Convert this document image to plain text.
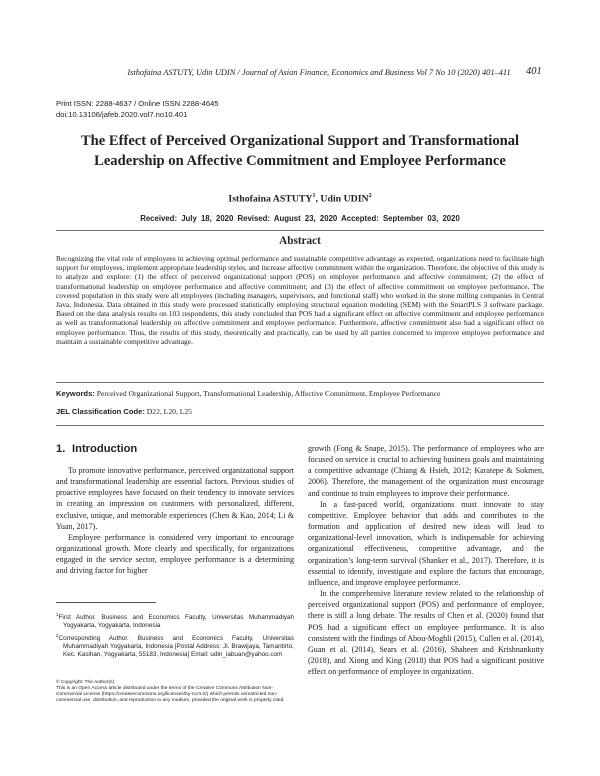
Isthofaina ASTUTY, Udin UDIN / Journal of Asian Finance, Economics and Business Vol 7 No 10 (2020) 401–411	401
Print ISSN: 2288-4637 / Online ISSN 2288-4645
doi:10.13106/jafeb.2020.vol7.no10.401
The Effect of Perceived Organizational Support and Transformational
Leadership on Affective Commitment and Employee Performance
Isthofaina ASTUTY$^1$, Udin UDIN$^2$
Received: July 18, 2020 Revised: August 23, 2020 Accepted: September 03, 2020
Abstract

Recognizing the vital role of employees in achieving optimal performance and sustainable competitive advantage as expected, organizations need to facilitate high support for employees, implement appropriate leadership styles, and increase affective commitment within the organization. Therefore, the objective of this study is to analyze and explore: (1) the effect of perceived organizational support (POS) on employee performance and affective commitment; (2) the effect of transformational leadership on employee performance and affective commitment; and (3) the effect of affective commitment on employee performance. The covered population in this study were all employees (including managers, supervisors, and functional staff) who worked in the stone milling companies in Central Java, Indonesia. Data obtained in this study were processed statistically employing structural equation modeling (SEM) with the SmartPLS 3 software package. Based on the data analysis results on 103 respondents, this study concluded that POS had a significant effect on affective commitment and employee performance as well as transformational leadership on affective commitment and employee performance. Furthermore, affective commitment also had a significant effect on employee performance. Thus, the results of this study, theoretically and practically, can be used by all parties concerned to improve employee performance and maintain a sustainable competitive advantage.

Keywords: Perceived Organizational Support, Transformational Leadership, Affective Commitment, Employee Performance

JEL Classification Code: D22, L20, L25

1. Introduction

To promote innovative performance, perceived organizational support and transformational leadership are essential factors. Previous studies of proactive employees have focused on their tendency to innovate services in creating an impression on customers with personalized, different, exclusive, unique, and memorable experiences (Chen & Kao, 2014; Li & Yuan, 2017).

Employee performance is considered very important to encourage organizational growth. More clearly and specifically, for organizations engaged in the service sector, employee performance is a determining and driving factor for higher

growth (Fong & Snape, 2015). The performance of employees who are focused on service is crucial to achieving business goals and maintaining a competitive advantage (Chiang & Hsieh, 2012; Karatepe & Sokmen, 2006). Therefore, the management of the organization must encourage and continue to train employees to improve their performance.

In a fast-paced world, organizations must innovate to stay competitive. Employee behavior that adds and contributes to the formation and application of desired new ideas will lead to organizational-level innovation, which is indispensable for achieving organizational effectiveness, competitive advantage, and the organization’s long-term survival (Shanker et al., 2017). Therefore, it is essential to identify, investigate and explore the factors that encourage, influence, and improve employee performance.

In the comprehensive literature review related to the relationship of perceived organizational support (POS) and performance of employee, there is still a long debate. The results of Chen et al. (2020) found that POS had a significant effect on employee performance. It is also consistent with the findings of Abou-Moghli (2015), Cullen et al. (2014), Guan et al. (2014), Sears et al. (2016), Shaheen and Krishnankutty (2018), and Xiong and King (2018) that POS had a significant positive effect on performance of employee in organization.

$^1$First Author. Business and Economics Faculty, Universitas Muhammadiyah Yogyakarta, Yogyakarta, Indonesia

$^2$Corresponding Author. Business and Economics Faculty, Universitas Muhammadiyah Yogyakarta, Indonesia [Postal Address: Jl. Brawijaya, Tamantirto, Kec. Kasihan, Yogyakarta, 55183, Indonesia] Email: udin_labuan@yahoo.com

© Copyright: The Author(s)

This is an Open Access article distributed under the terms of the Creative Commons Attribution Non-Commercial License (https://creativecommons.org/licenses/by-nc/4.0/) which permits unrestricted non-commercial use, distribution, and reproduction in any medium, provided the original work is properly cited.
